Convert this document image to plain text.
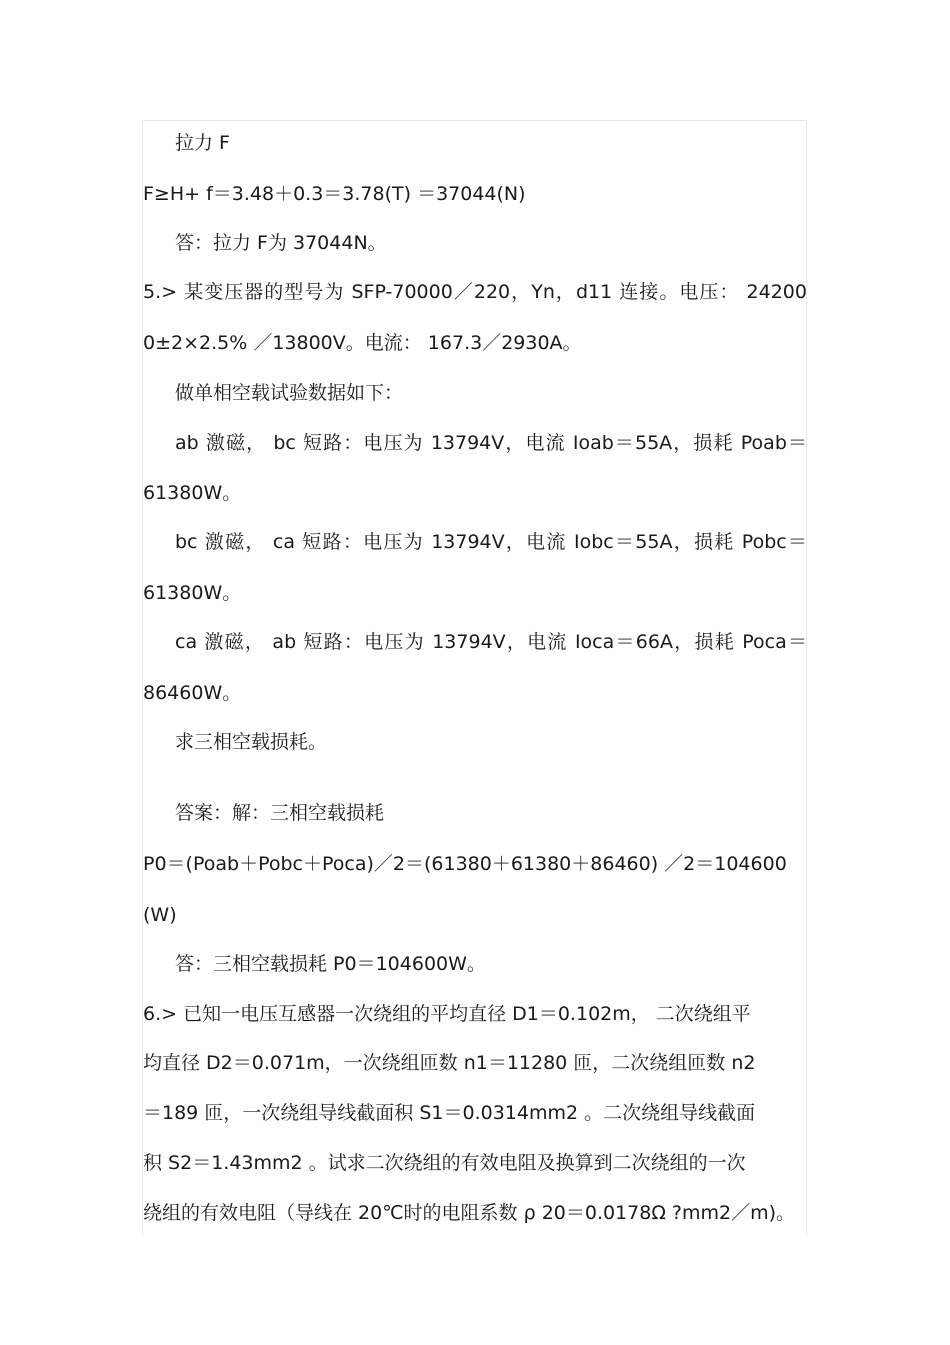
拉力 F
F≥H+ f＝3.48＋0.3＝3.78(T) ＝37044(N)
答：拉力 F为 37044N。
5.> 某变压器的型号为 SFP-70000／220，Yn，d11 连接。电压： 24200
0±2×2.5% ／13800V。电流： 167.3／2930A。
做单相空载试验数据如下：
ab 激磁， bc 短路：电压为 13794V，电流 Ioab＝55A，损耗 Poab＝
61380W。
bc 激磁， ca 短路：电压为 13794V，电流 Iobc＝55A，损耗 Pobc＝
61380W。
ca 激磁， ab 短路：电压为 13794V，电流 Ioca＝66A，损耗 Poca＝
86460W。
求三相空载损耗。
答案：解：三相空载损耗
P0＝(Poab＋Pobc＋Poca)／2＝(61380＋61380＋86460) ／2＝104600
(W)
答：三相空载损耗 P0＝104600W。
6.> 已知一电压互感器一次绕组的平均直径 D1＝0.102m， 二次绕组平
均直径 D2＝0.071m，一次绕组匝数 n1＝11280 匝，二次绕组匝数 n2
＝189 匝，一次绕组导线截面积 S1＝0.0314mm2 。二次绕组导线截面
积 S2＝1.43mm2 。试求二次绕组的有效电阻及换算到二次绕组的一次
绕组的有效电阻（导线在 20℃时的电阻系数 ρ 20＝0.0178Ω ?mm2／m)。
